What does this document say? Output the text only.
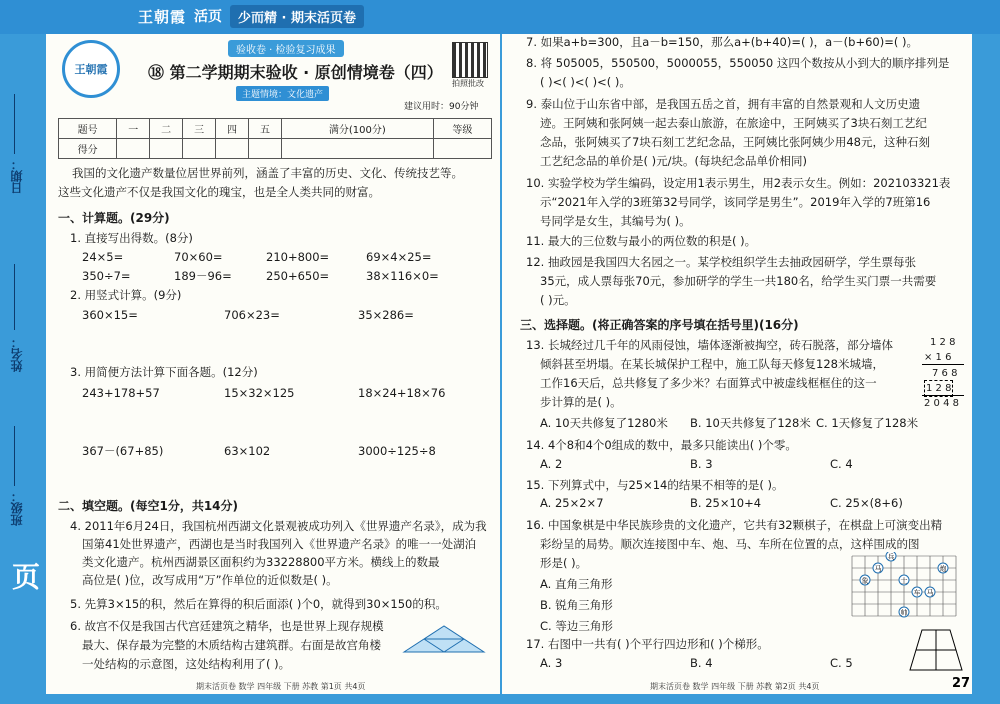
王朝霞 活页	少而精 · 期末活页卷
日期：
姓名：
班级：
页
王朝霞
验收卷 · 检验复习成果
⑱ 第二学期期末验收 · 原创情境卷（四）
主题情境：文化遗产
拍照批改
建议用时：90分钟
题号	一	二	三	四	五	满分(100分)	等级
得分							
我国的文化遗产数量位居世界前列，涵盖了丰富的历史、文化、传统技艺等。
这些文化遗产不仅是我国文化的瑰宝，也是全人类共同的财富。
一、计算题。(29分)
1. 直接写出得数。(8分)
24×5=	70×60=	210+800=	69×4×25=
350÷7=	189－96=	250+650=	38×116×0=
2. 用竖式计算。(9分)
360×15=	706×23=	35×286=
3. 用简便方法计算下面各题。(12分)
243+178+57	15×32×125	18×24+18×76
367－(67+85)	63×102	3000÷125÷8
二、填空题。(每空1分，共14分)
4. 2011年6月24日，我国杭州西湖文化景观被成功列入《世界遗产名录》，成为我
国第41处世界遗产，西湖也是当时我国列入《世界遗产名录》的唯一一处湖泊
类文化遗产。杭州西湖景区面积约为33228800平方米。横线上的数最
高位是( )位，改写成用“万”作单位的近似数是( )。
5. 先算3×15的积，然后在算得的积后面添( )个0，就得到30×150的积。
6. 故宫不仅是我国古代宫廷建筑之精华，也是世界上现存规模
最大、保存最为完整的木质结构古建筑群。右面是故宫角楼
一处结构的示意图，这处结构利用了( )。
期末活页卷 数学 四年级 下册 苏教 第1页 共4页
7. 如果a+b=300，且a－b=150，那么a+(b+40)=( )，a－(b+60)=( )。
8. 将 505005，550500，5000055，550050 这四个数按从小到大的顺序排列是
( )<( )<( )<( )。
9. 泰山位于山东省中部，是我国五岳之首，拥有丰富的自然景观和人文历史遗
迹。王阿姨和张阿姨一起去泰山旅游，在旅途中，王阿姨买了3块石刻工艺纪
念品，张阿姨买了7块石刻工艺纪念品，王阿姨比张阿姨少用48元，这种石刻
工艺纪念品的单价是( )元/块。(每块纪念品单价相同)
10. 实验学校为学生编码，设定用1表示男生，用2表示女生。例如：202103321表
示“2021年入学的3班第32号同学，该同学是男生”。2019年入学的7班第16
号同学是女生，其编号为( )。
11. 最大的三位数与最小的两位数的积是( )。
12. 抽政园是我国四大名园之一。某学校组织学生去抽政园研学，学生票每张
35元，成人票每张70元，参加研学的学生一共180名，给学生买门票一共需要
( )元。
三、选择题。(将正确答案的序号填在括号里)(16分)
13. 长城经过几千年的风雨侵蚀，墙体逐渐被掏空，砖石脱落，部分墙体
倾斜甚至坍塌。在某长城保护工程中，施工队每天修复128米城墙，
工作16天后，总共修复了多少米？右面算式中被虚线框框住的这一
步计算的是( )。
A. 10天共修复了1280米 B. 10天共修复了128米 C. 1天修复了128米
1 2 8
× 1 6
7 6 8
1 2 8
2 0 4 8
14. 4个8和4个0组成的数中，最多只能读出( )个零。
A. 2	B. 3	C. 4
15. 下列算式中，与25×14的结果不相等的是( )。
A. 25×2×7	B. 25×10+4	C. 25×(8+6)
16. 中国象棋是中华民族珍贵的文化遗产，它共有32颗棋子，在棋盘上可演变出精
彩纷呈的局势。顺次连接图中车、炮、马、车所在位置的点，这样围成的图
形是( )。
A. 直角三角形
B. 锐角三角形
C. 等边三角形
兵
象	士
车 马
帅
炮
马
17. 右图中一共有( )个平行四边形和( )个梯形。
A. 3	B. 4	C. 5
期末活页卷 数学 四年级 下册 苏教 第2页 共4页	27
